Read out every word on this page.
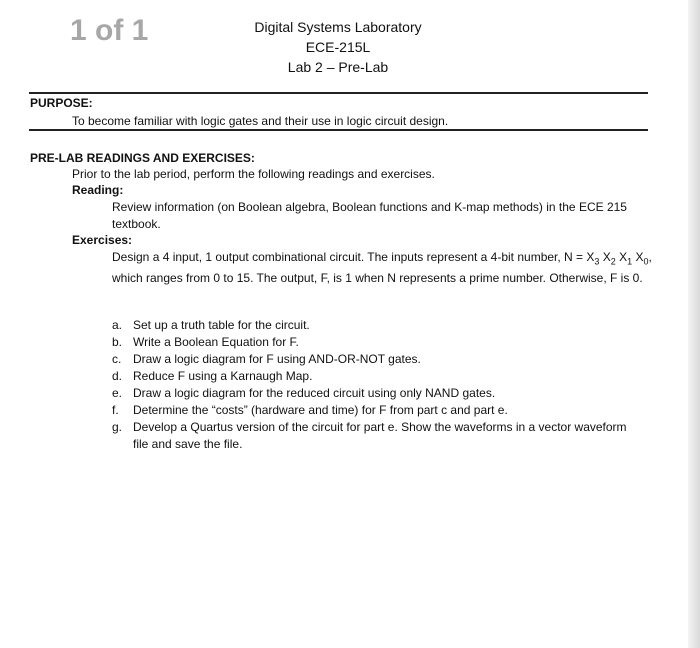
1 of 1	Digital Systems Laboratory
ECE-215L
Lab 2 – Pre-Lab
PURPOSE:
To become familiar with logic gates and their use in logic circuit design.
PRE-LAB READINGS AND EXERCISES:
Prior to the lab period, perform the following readings and exercises.
Reading:
Review information (on Boolean algebra, Boolean functions and K-map methods) in the ECE 215 textbook.
Exercises:
Design a 4 input, 1 output combinational circuit. The inputs represent a 4-bit number, $N = X_3$ $X_2$ $X_1$ $X_0$, which ranges from 0 to 15. The output, F, is 1 when N represents a prime number. Otherwise, F is 0.
a. Set up a truth table for the circuit.
b. Write a Boolean Equation for F.
c. Draw a logic diagram for F using AND-OR-NOT gates.
d. Reduce F using a Karnaugh Map.
e. Draw a logic diagram for the reduced circuit using only NAND gates.
f. Determine the “costs” (hardware and time) for F from part c and part e.
g. Develop a Quartus version of the circuit for part e. Show the waveforms in a vector waveform file and save the file.
